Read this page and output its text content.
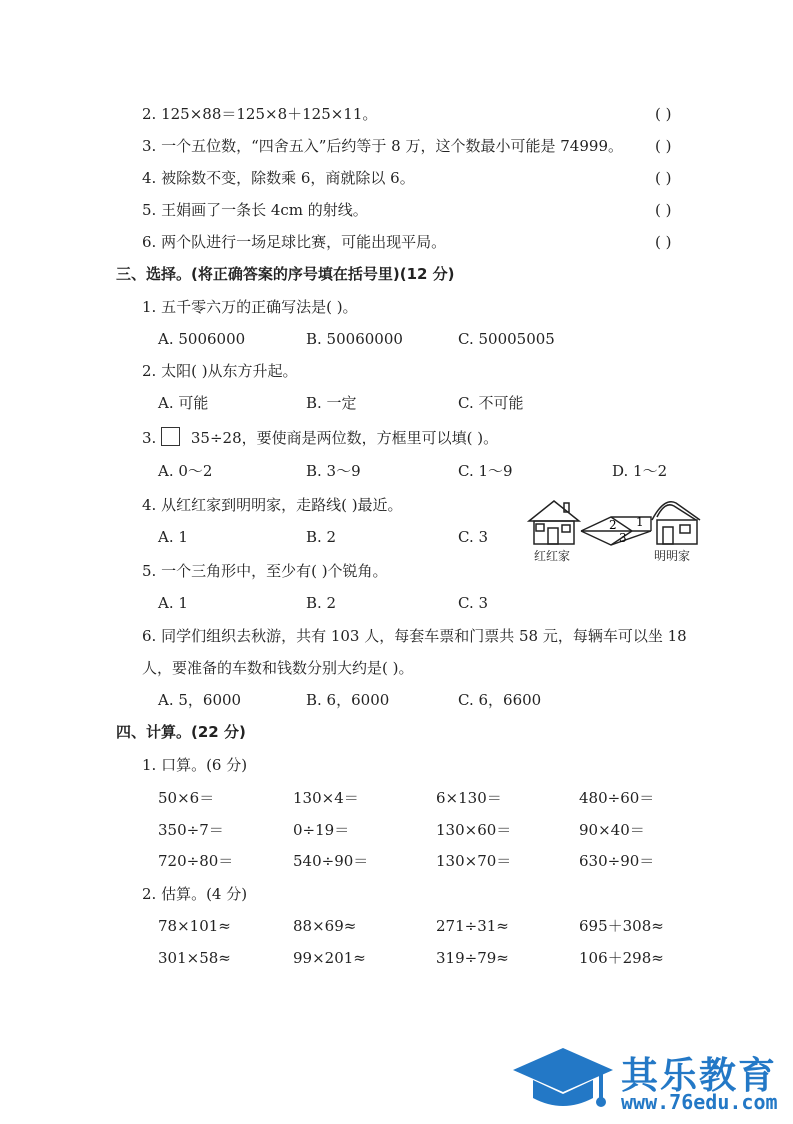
2. 125×88＝125×8＋125×11。	( )
3. 一个五位数，“四舍五入”后约等于 8 万，这个数最小可能是 74999。 ( )
4. 被除数不变，除数乘 6，商就除以 6。	( )
5. 王娟画了一条长 4cm 的射线。	( )
6. 两个队进行一场足球比赛，可能出现平局。	( )
三、选择。(将正确答案的序号填在括号里)(12 分)
1. 五千零六万的正确写法是( )。
A. 5006000	B. 50060000	C. 50005005
2. 太阳( )从东方升起。
A. 可能	B. 一定	C. 不可能
3. 35÷28，要使商是两位数，方框里可以填( )。
A. 0～2	B. 3～9	C. 1～9	D. 1～2
4. 从红红家到明明家，走路线( )最近。
A. 1	B. 2	C. 3
2 1
3
红红家	明明家
5. 一个三角形中，至少有( )个锐角。
A. 1	B. 2	C. 3
6. 同学们组织去秋游，共有 103 人，每套车票和门票共 58 元，每辆车可以坐 18
人，要准备的车数和钱数分别大约是( )。
A. 5，6000	B. 6，6000	C. 6，6600
四、计算。(22 分)
1. 口算。(6 分)
50×6＝	130×4＝	6×130＝	480÷60＝
350÷7＝	0÷19＝	130×60＝	90×40＝
720÷80＝	540÷90＝	130×70＝	630÷90＝
2. 估算。(4 分)
78×101≈	88×69≈	271÷31≈	695＋308≈
301×58≈	99×201≈	319÷79≈	106＋298≈
其乐教育
www.76edu.com
